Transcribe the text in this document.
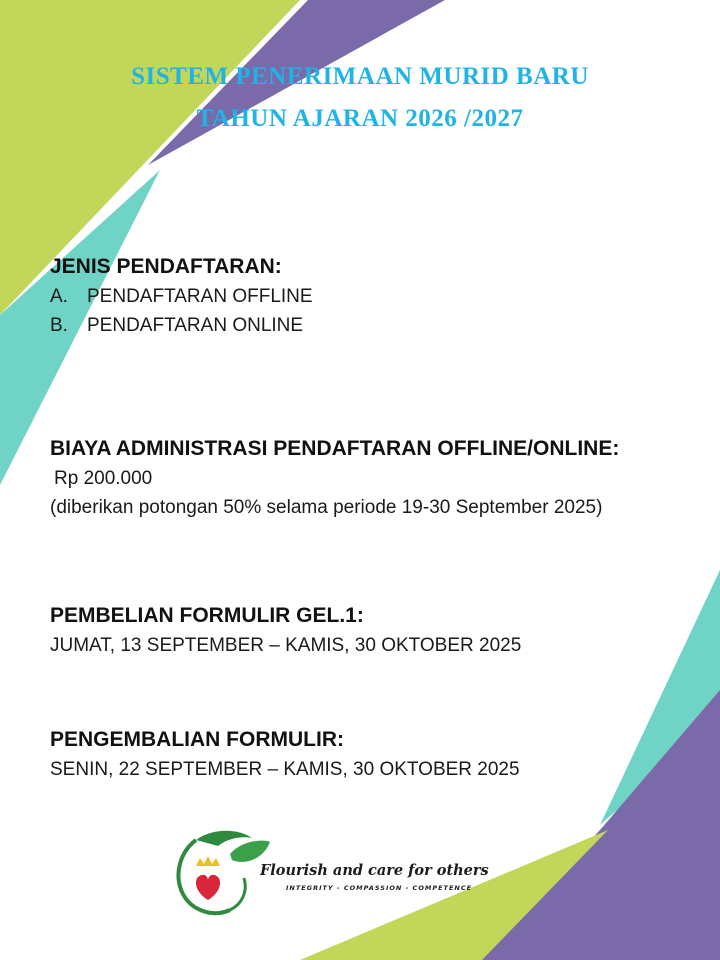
SISTEM PENERIMAAN MURID BARU
TAHUN AJARAN 2026 /2027
JENIS PENDAFTARAN:
A.	PENDAFTARAN OFFLINE
B.	PENDAFTARAN ONLINE
BIAYA ADMINISTRASI PENDAFTARAN OFFLINE/ONLINE:
Rp 200.000
(diberikan potongan 50% selama periode 19-30 September 2025)
PEMBELIAN FORMULIR GEL.1:
JUMAT, 13 SEPTEMBER – KAMIS, 30 OKTOBER 2025
PENGEMBALIAN FORMULIR:
SENIN, 22 SEPTEMBER – KAMIS, 30 OKTOBER 2025
Flourish and care for others
INTEGRITY - COMPASSION - COMPETENCE
